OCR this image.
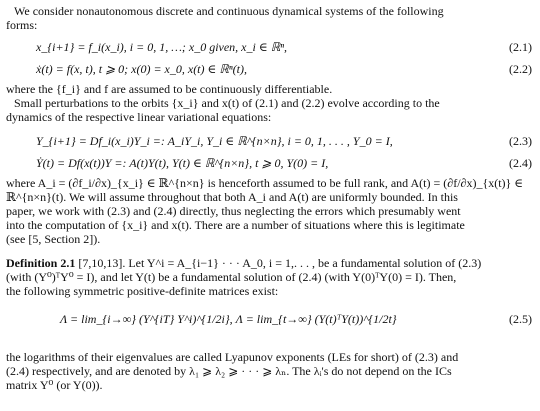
We consider nonautonomous discrete and continuous dynamical systems of the following
forms:
x_{i+1} = f_i(x_i), i = 0, 1, …; x_0 given, x_i ∈ ℝⁿ,	(2.1)
ẋ(t) = f(x, t), t ⩾ 0; x(0) = x_0, x(t) ∈ ℝⁿ(t),	(2.2)
where the {f_i} and f are assumed to be continuously differentiable.
Small perturbations to the orbits {x_i} and x(t) of (2.1) and (2.2) evolve according to the
dynamics of the respective linear variational equations:
Y_{i+1} = Df_i(x_i)Y_i =: A_iY_i, Y_i ∈ ℝ^{n×n}, i = 0, 1, . . . , Y_0 = I,	(2.3)
Ẏ(t) = Df(x(t))Y =: A(t)Y(t), Y(t) ∈ ℝ^{n×n}, t ⩾ 0, Y(0) = I,	(2.4)
where A_i = (∂f_i/∂x)_{x_i} ∈ ℝ^{n×n} is henceforth assumed to be full rank, and A(t) = (∂f/∂x)_{x(t)} ∈
ℝ^{n×n}(t). We will assume throughout that both A_i and A(t) are uniformly bounded. In this
paper, we work with (2.3) and (2.4) directly, thus neglecting the errors which presumably went
into the computation of {x_i} and x(t). There are a number of situations where this is legitimate
(see [5, Section 2]).
Definition 2.1 [7,10,13]. Let Y^i = A_{i−1} · · · A_0, i = 1,. . . , be a fundamental solution of (2.3)
(with (Y⁰)ᵀY⁰ = I), and let Y(t) be a fundamental solution of (2.4) (with Y(0)ᵀY(0) = I). Then,
the following symmetric positive-definite matrices exist:
Λ = lim_{i→∞} (Y^{iT} Y^i)^{1/2i}, Λ = lim_{t→∞} (Y(t)ᵀY(t))^{1/2t}	(2.5)
the logarithms of their eigenvalues are called Lyapunov exponents (LEs for short) of (2.3) and
(2.4) respectively, and are denoted by λ₁ ⩾ λ₂ ⩾ · · · ⩾ λₙ. The λᵢ's do not depend on the ICs
matrix Y⁰ (or Y(0)).
